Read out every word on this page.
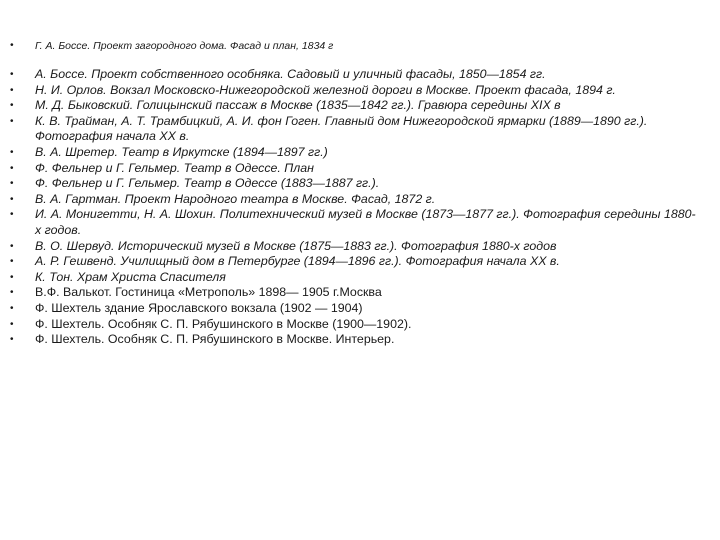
•	Г. А. Боссе. Проект загородного дома. Фасад и план, 1834 г
•	А. Боссе. Проект собственного особняка. Садовый и уличный фасады, 1850—1854 гг.
•	Н. И. Орлов. Вокзал Московско-Нижегородской железной дороги в Москве. Проект фасада, 1894 г.
•	М. Д. Быковский. Голицынский пассаж в Москве (1835—1842 гг.). Гравюра середины XIX в
•	К. В. Трайман, А. Т. Трамбицкий, А. И. фон Гоген. Главный дом Нижегородской ярмарки (1889—1890 гг.). Фотография начала XX в.
•	В. А. Шретер. Театр в Иркутске (1894—1897 гг.)
•	Ф. Фельнер и Г. Гельмер. Театр в Одессе. План
•	Ф. Фельнер и Г. Гельмер. Театр в Одессе (1883—1887 гг.).
•	В. А. Гартман. Проект Народного театра в Москве. Фасад, 1872 г.
•	И. А. Монигетти, Н. А. Шохин. Политехнический музей в Москве (1873—1877 гг.). Фотография середины 1880-х годов.
•	В. О. Шервуд. Исторический музей в Москве (1875—1883 гг.). Фотография 1880-х годов
•	А. Р. Гешвенд. Училищный дом в Петербурге (1894—1896 гг.). Фотография начала XX в.
•	К. Тон. Храм Христа Спасителя
•	В.Ф. Валькот. Гостиница «Метрополь» 1898— 1905 г.Москва
•	Ф. Шехтель здание Ярославского вокзала (1902 — 1904)
•	Ф. Шехтель. Особняк С. П. Рябушинского в Москве (1900—1902).
•	Ф. Шехтель. Особняк С. П. Рябушинского в Москве. Интерьер.
